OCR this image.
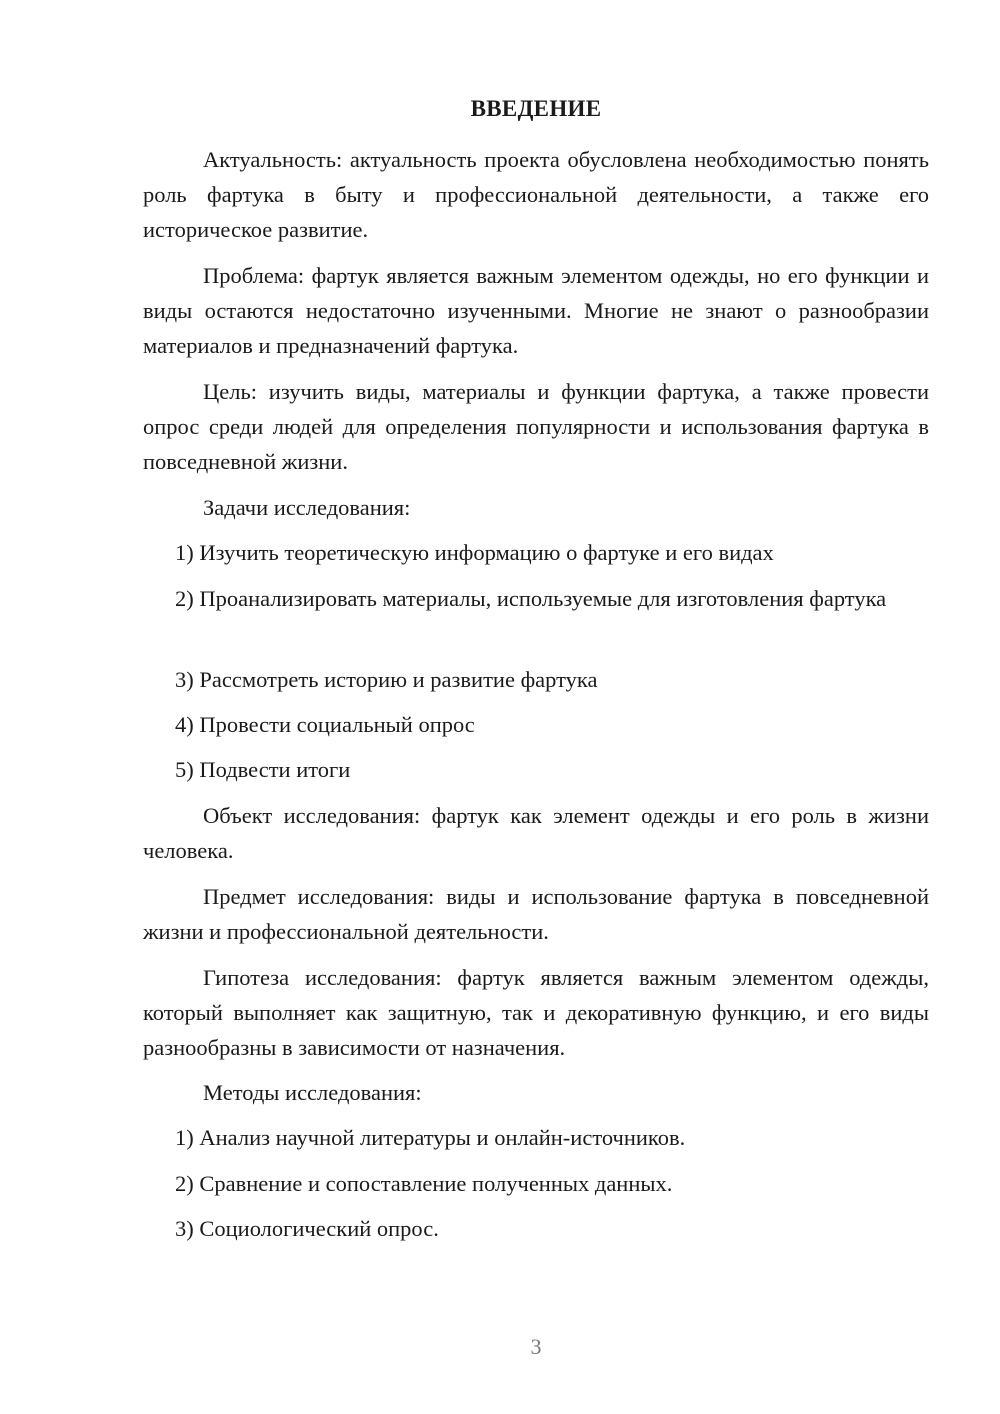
ВВЕДЕНИЕ

Актуальность: актуальность проекта обусловлена необходимостью понять роль фартука в быту и профессиональной деятельности, а также его историческое развитие.

Проблема: фартук является важным элементом одежды, но его функции и виды остаются недостаточно изученными. Многие не знают о разнообразии материалов и предназначений фартука.

Цель: изучить виды, материалы и функции фартука, а также провести опрос среди людей для определения популярности и использования фартука в повседневной жизни.

Задачи исследования:

1) Изучить теоретическую информацию о фартуке и его видах

2) Проанализировать материалы, используемые для изготовления фартука

3) Рассмотреть историю и развитие фартука

4) Провести социальный опрос

5) Подвести итоги

Объект исследования: фартук как элемент одежды и его роль в жизни человека.

Предмет исследования: виды и использование фартука в повседневной жизни и профессиональной деятельности.

Гипотеза исследования: фартук является важным элементом одежды, который выполняет как защитную, так и декоративную функцию, и его виды разнообразны в зависимости от назначения.

Методы исследования:

1) Анализ научной литературы и онлайн-источников.

2) Сравнение и сопоставление полученных данных.

3) Социологический опрос.

3
